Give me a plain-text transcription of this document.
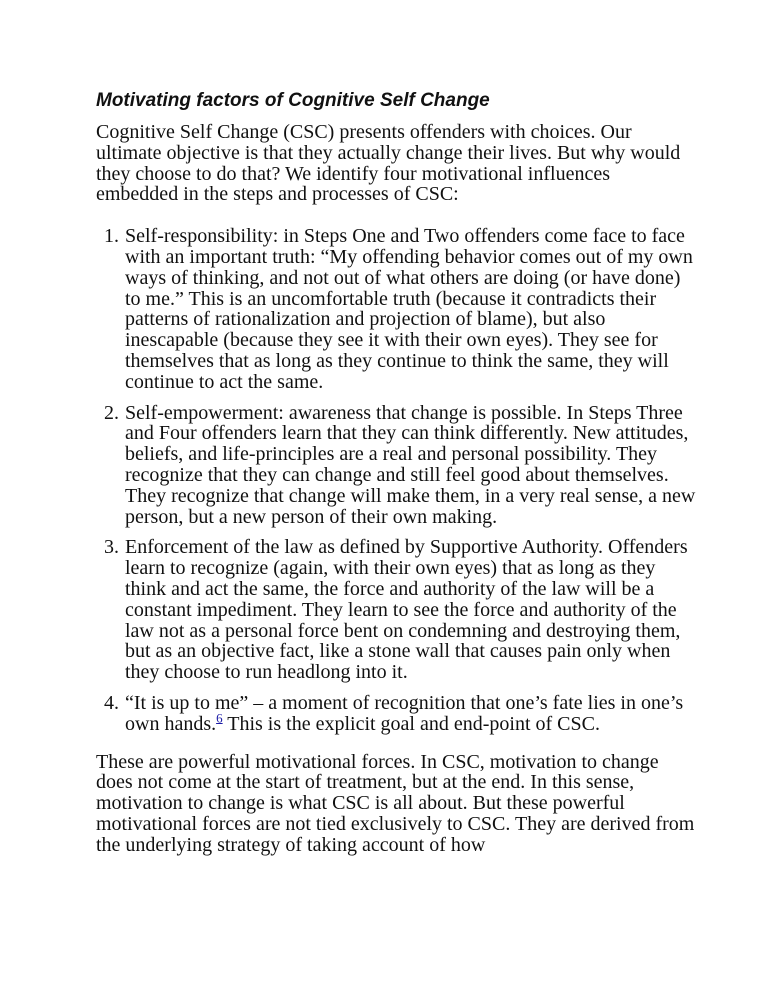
Motivating factors of Cognitive Self Change

Cognitive Self Change (CSC) presents offenders with choices. Our ultimate objective is that they actually change their lives. But why would they choose to do that? We identify four motivational influences embedded in the steps and processes of CSC:

1. Self-responsibility: in Steps One and Two offenders come face to face with an important truth: “My offending behavior comes out of my own ways of thinking, and not out of what others are doing (or have done) to me.” This is an uncomfortable truth (because it contradicts their patterns of rationalization and projection of blame), but also inescapable (because they see it with their own eyes). They see for themselves that as long as they continue to think the same, they will continue to act the same.
2. Self-empowerment: awareness that change is possible. In Steps Three and Four offenders learn that they can think differently. New attitudes, beliefs, and life-principles are a real and personal possibility. They recognize that they can change and still feel good about themselves. They recognize that change will make them, in a very real sense, a new person, but a new person of their own making.
3. Enforcement of the law as defined by Supportive Authority. Offenders learn to recognize (again, with their own eyes) that as long as they think and act the same, the force and authority of the law will be a constant impediment. They learn to see the force and authority of the law not as a personal force bent on condemning and destroying them, but as an objective fact, like a stone wall that causes pain only when they choose to run headlong into it.
4. “It is up to me” – a moment of recognition that one’s fate lies in one’s own hands.$^6$ This is the explicit goal and end-point of CSC.

These are powerful motivational forces. In CSC, motivation to change does not come at the start of treatment, but at the end. In this sense, motivation to change is what CSC is all about. But these powerful motivational forces are not tied exclusively to CSC. They are derived from the underlying strategy of taking account of how
